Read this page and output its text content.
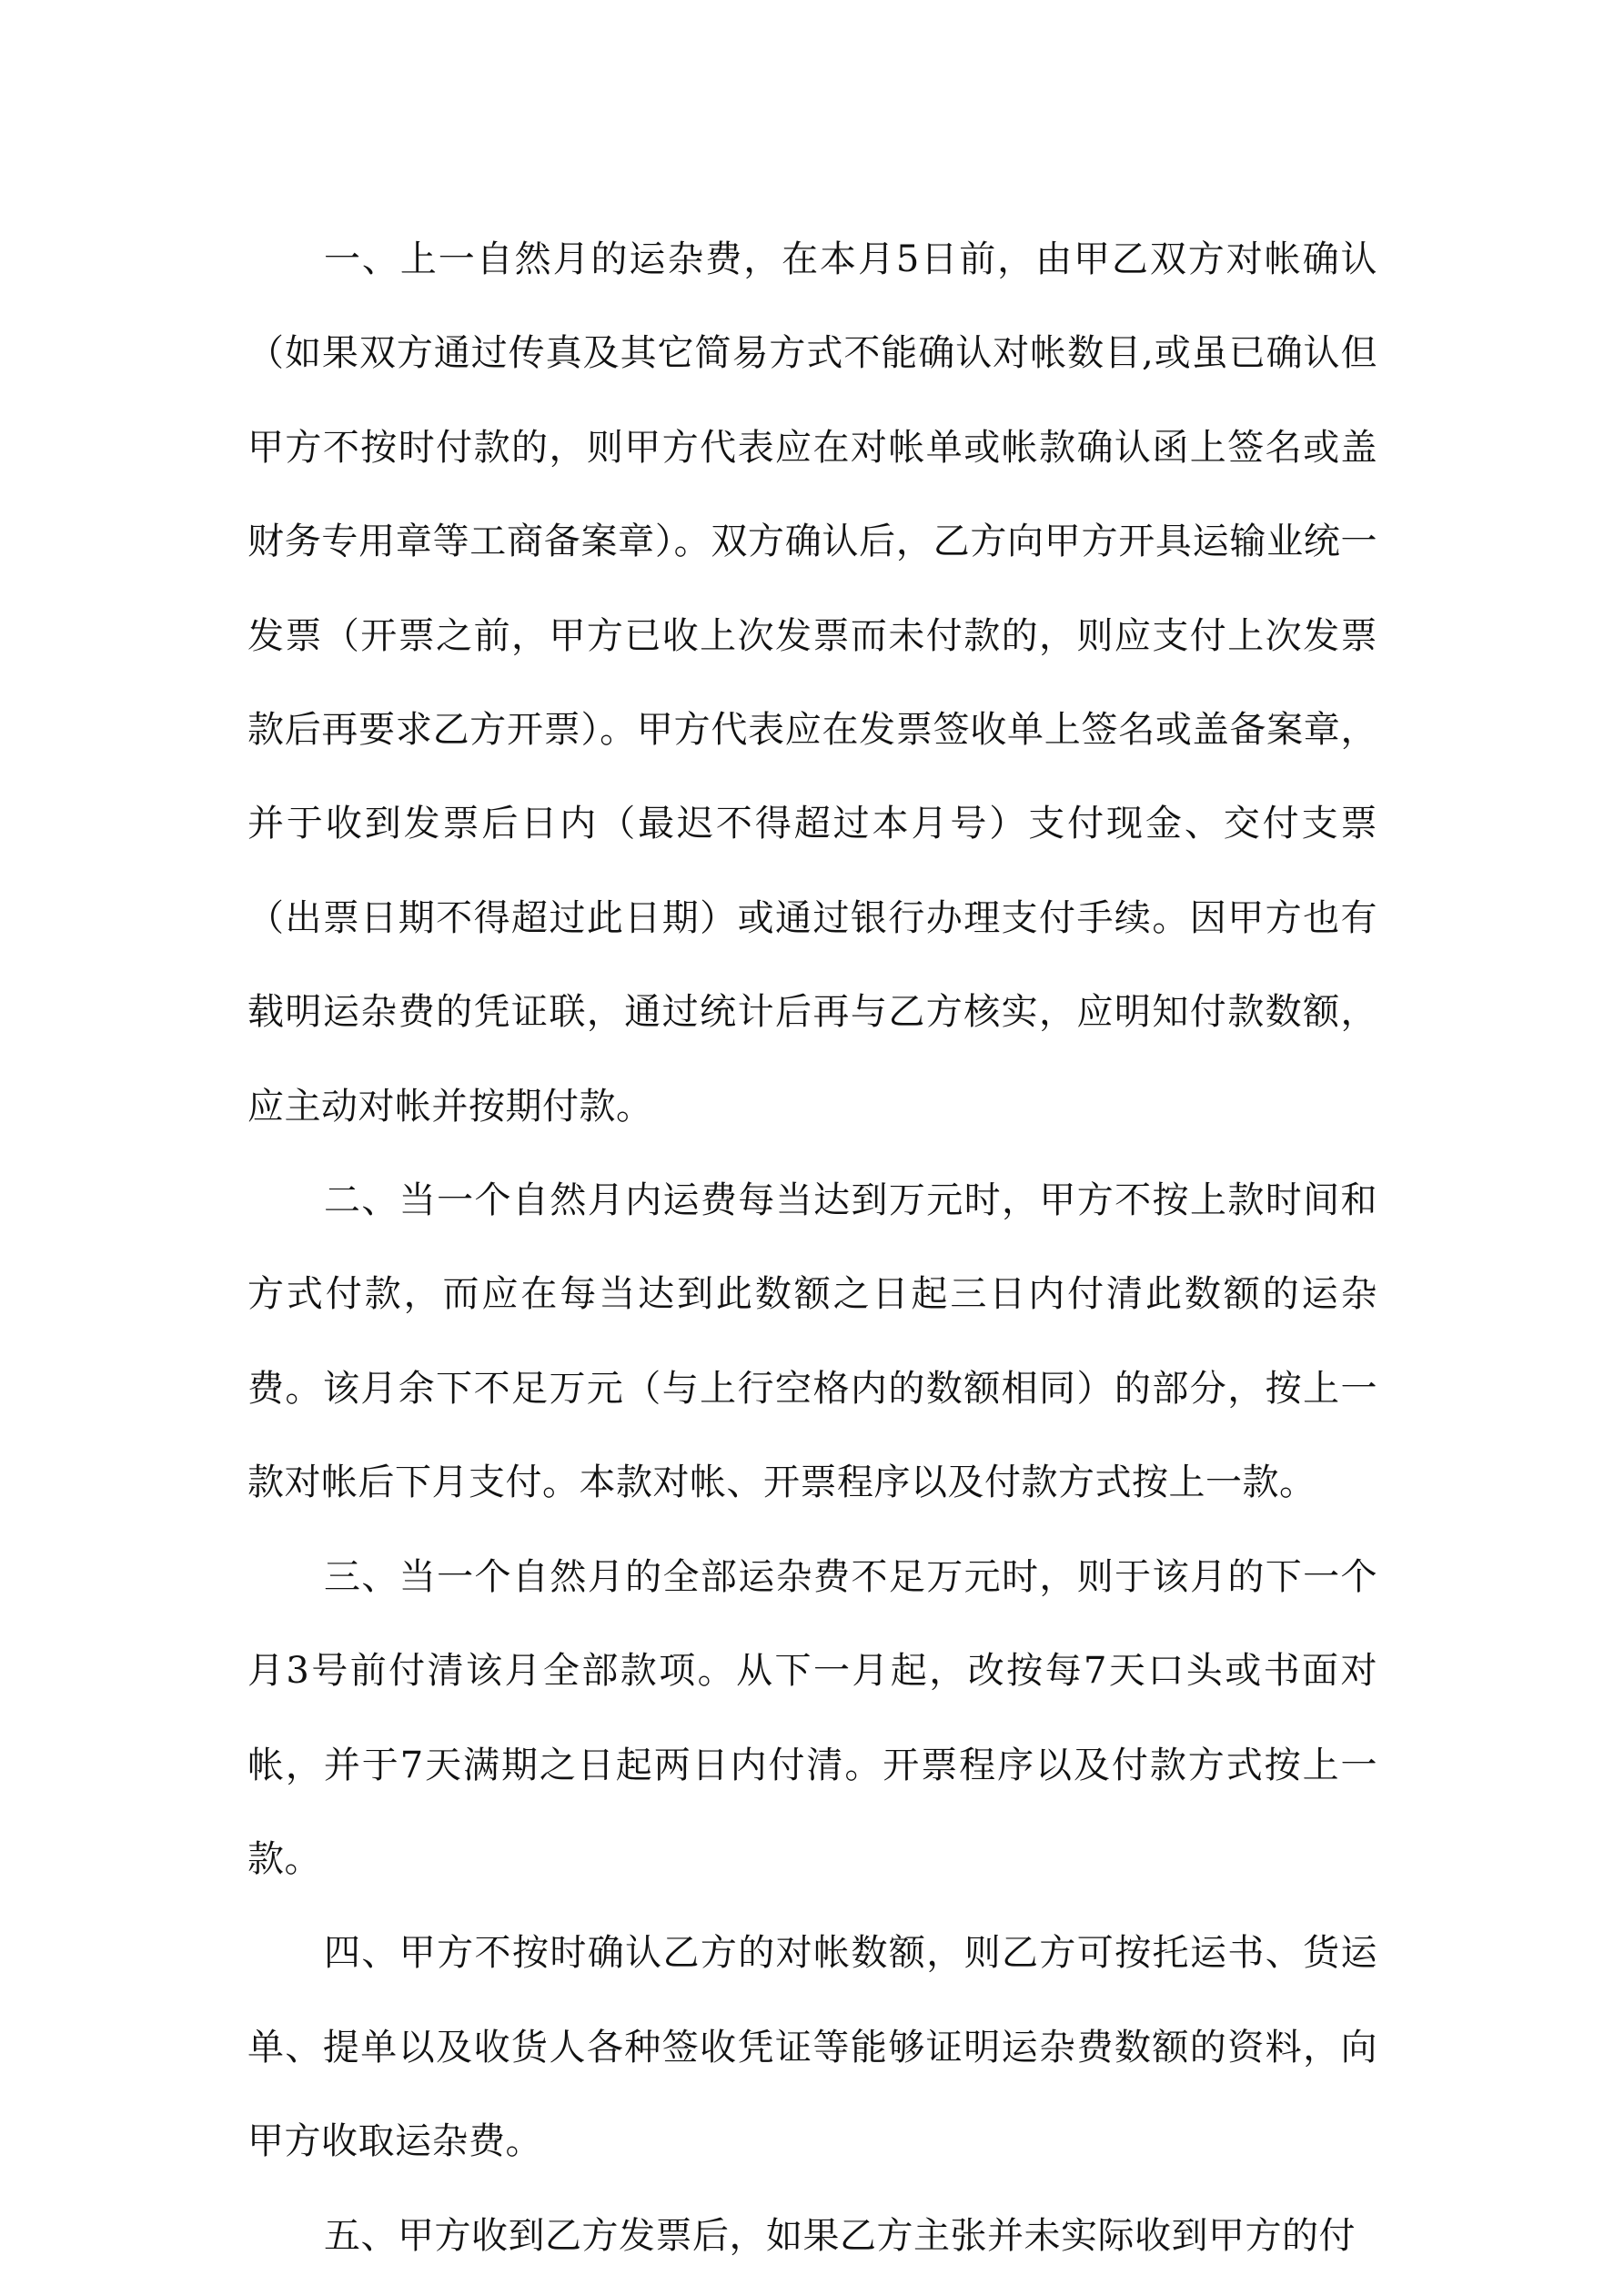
一、上一自然月的运杂费，在本月5日前，由甲乙双方对帐确认（如果双方通过传真及其它简易方式不能确认对帐数目,或虽已确认但甲方不按时付款的，则甲方代表应在对帐单或帐款确认函上签名或盖财务专用章等工商备案章）。双方确认后，乙方向甲方开具运输业统一发票（开票之前，甲方已收上次发票而未付款的，则应支付上次发票款后再要求乙方开票）。甲方代表应在发票签收单上签名或盖备案章，并于收到发票后日内（最迟不得超过本月号）支付现金、交付支票（出票日期不得超过此日期）或通过银行办理支付手续。因甲方也有载明运杂费的凭证联，通过统计后再与乙方核实，应明知付款数额，应主动对帐并按期付款。

二、当一个自然月内运费每当达到万元时，甲方不按上款时间和方式付款，而应在每当达到此数额之日起三日内付清此数额的运杂费。该月余下不足万元（与上行空格内的数额相同）的部分，按上一款对帐后下月支付。本款对帐、开票程序以及付款方式按上一款。

三、当一个自然月的全部运杂费不足万元时，则于该月的下一个月3号前付清该月全部款项。从下一月起，改按每7天口头或书面对帐，并于7天满期之日起两日内付清。开票程序以及付款方式按上一款。

四、甲方不按时确认乙方的对帐数额，则乙方可按托运书、货运单、提单以及收货人各种签收凭证等能够证明运杂费数额的资料，向甲方收取运杂费。

五、甲方收到乙方发票后，如果乙方主张并未实际收到甲方的付
